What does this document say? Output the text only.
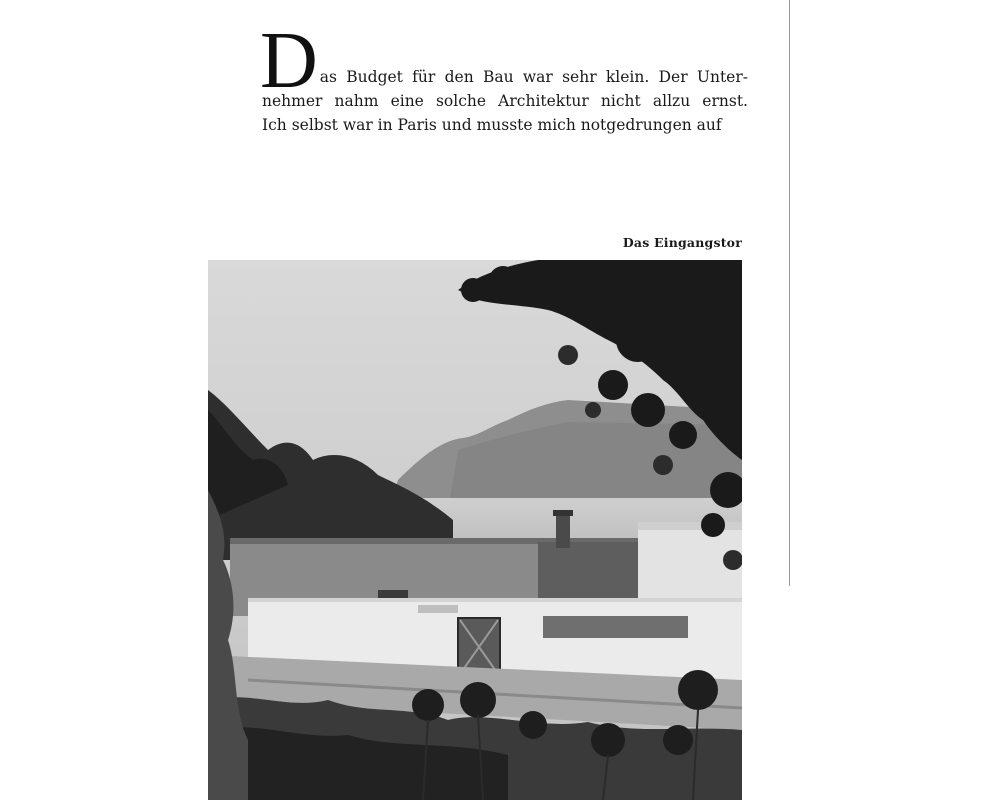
D as Budget für den Bau war sehr klein. Der Unter-
nehmer nahm eine solche Architektur nicht allzu ernst.
Ich selbst war in Paris und musste mich notgedrungen auf
Das Eingangstor
